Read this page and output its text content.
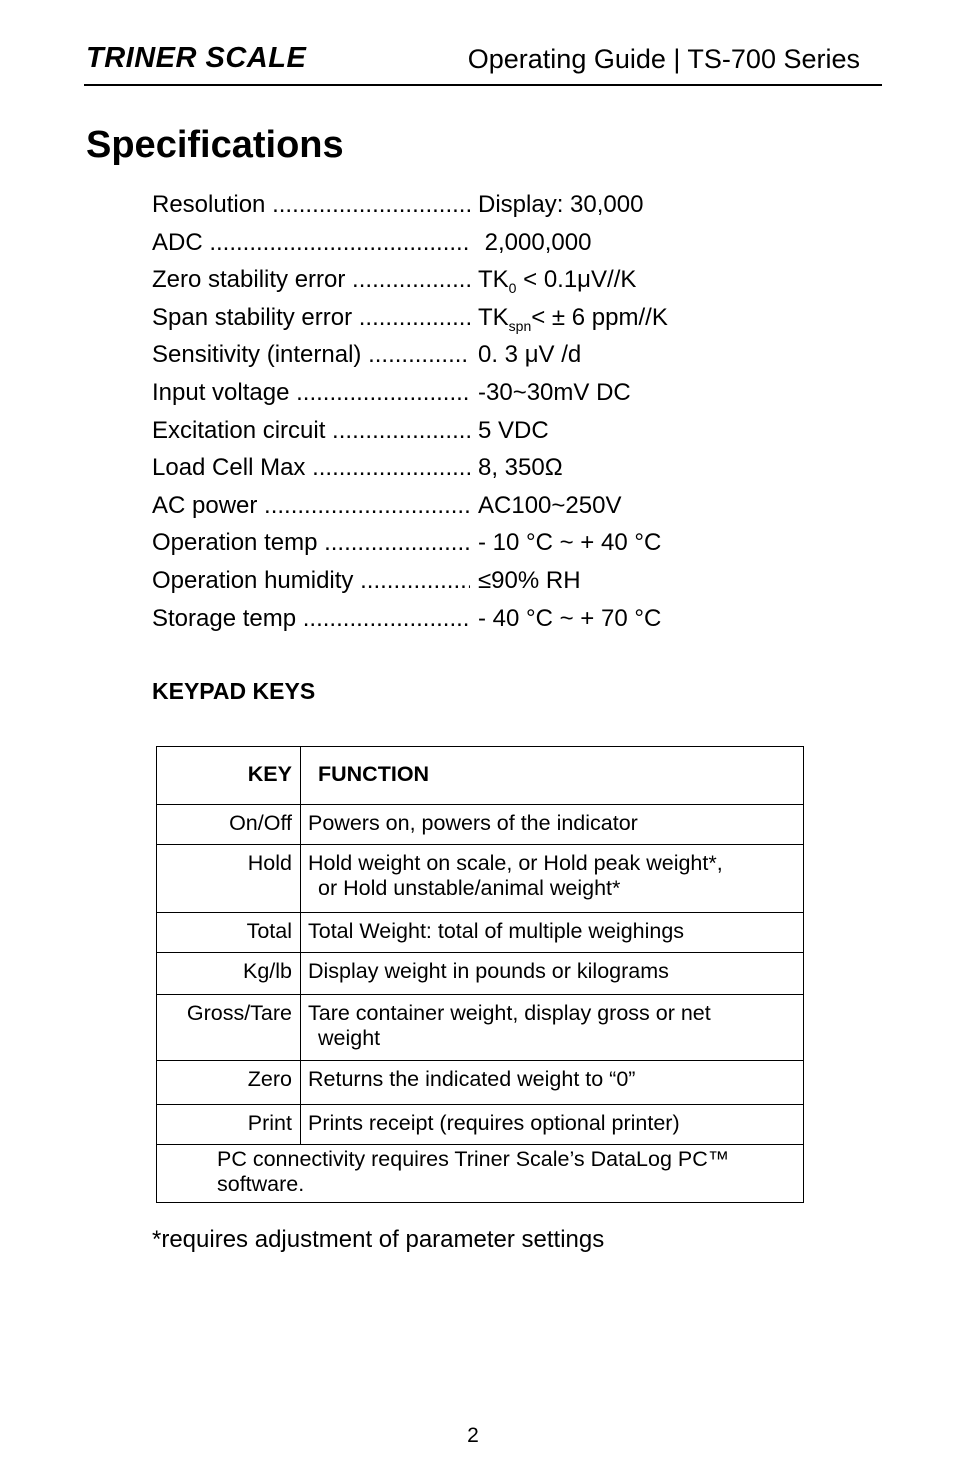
TRINER SCALE	Operating Guide | TS-700 Series
Specifications
Resolution .....	Display: 30,000
ADC .....	2,000,000
Zero stability error .....	$TK_0 < 0.1\mu V//K$
Span stability error .....	$TK_{spn}< \pm 6$ ppm//K
Sensitivity (internal) .....	0. 3 μV /d
Input voltage .....	-30~30mV DC
Excitation circuit .....	5 VDC
Load Cell Max .....	8, 350Ω
AC power .....	AC100~250V
Operation temp .....	- 10 °C ~ + 40 °C
Operation humidity .....	≤90% RH
Storage temp .....	- 40 °C ~ + 70 °C
KEYPAD KEYS
KEY	FUNCTION
On/Off	Powers on, powers of the indicator
Hold	Hold weight on scale, or Hold peak weight*,
or Hold unstable/animal weight*

Total	Total Weight: total of multiple weighings
Kg/lb	Display weight in pounds or kilograms
Gross/Tare	Tare container weight, display gross or net
weight

Zero	Returns the indicated weight to “0”
Print	Prints receipt (requires optional printer)
PC connectivity requires Triner Scale’s DataLog PC™ software.	
*requires adjustment of parameter settings
2
